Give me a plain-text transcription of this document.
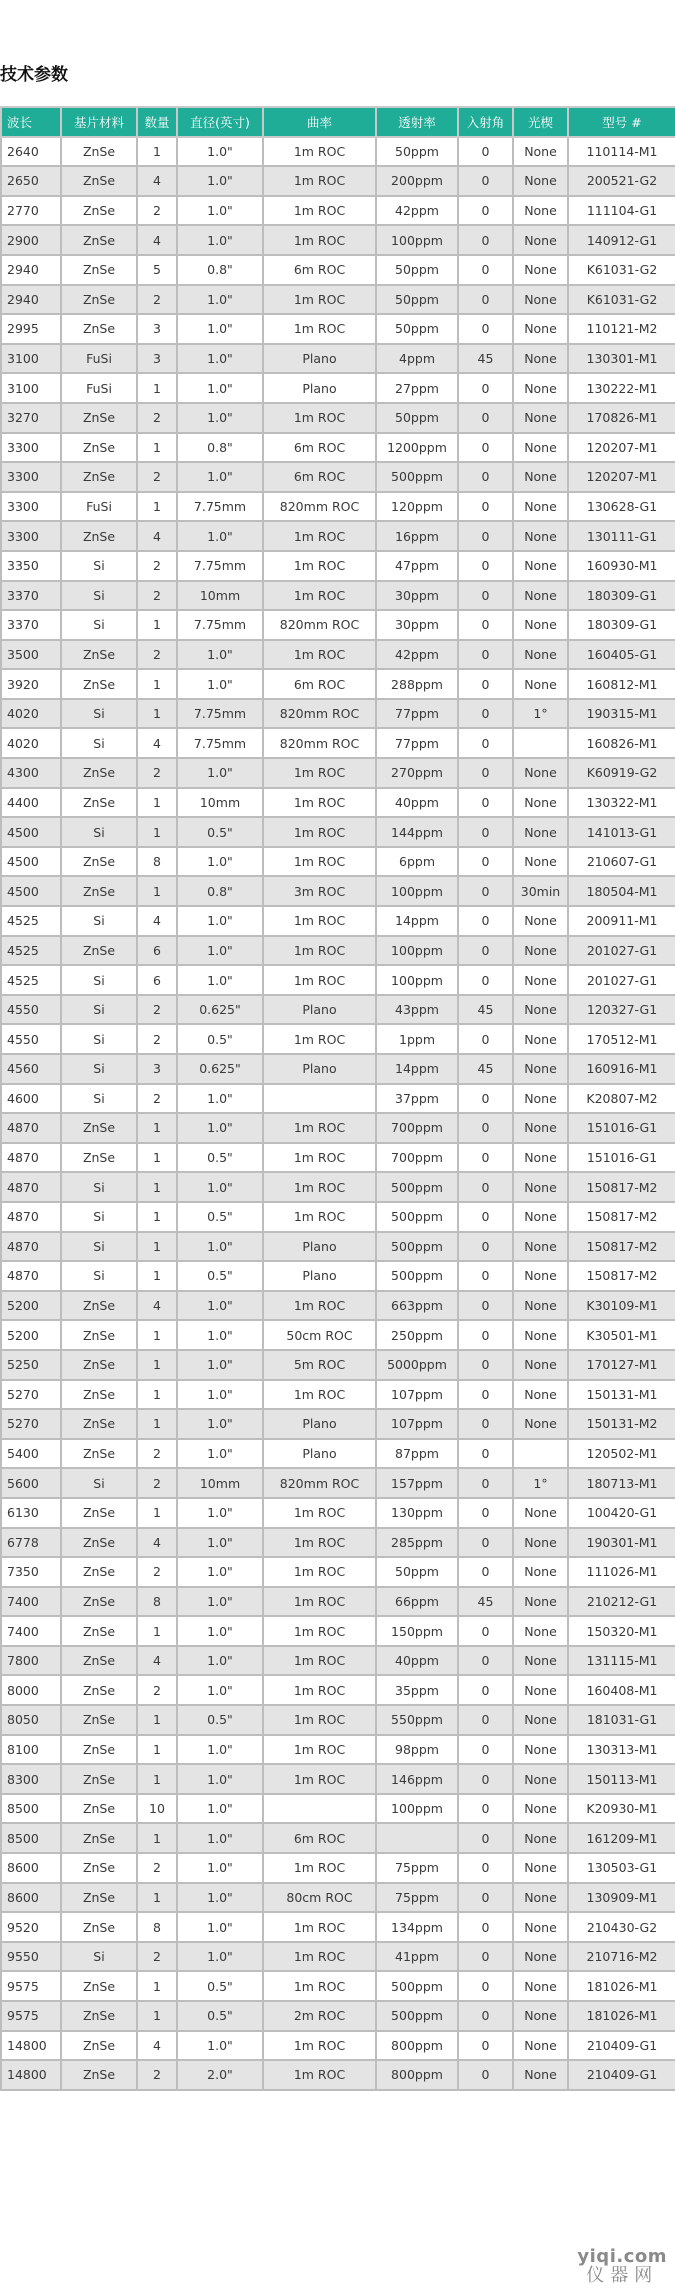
技术参数
波长	基片材料	数量	直径(英寸)	曲率	透射率	入射角	光楔	型号 #
2640	ZnSe	1	1.0"	1m ROC	50ppm	0	None	110114-M1
2650	ZnSe	4	1.0"	1m ROC	200ppm	0	None	200521-G2
2770	ZnSe	2	1.0"	1m ROC	42ppm	0	None	111104-G1
2900	ZnSe	4	1.0"	1m ROC	100ppm	0	None	140912-G1
2940	ZnSe	5	0.8"	6m ROC	50ppm	0	None	K61031-G2
2940	ZnSe	2	1.0"	1m ROC	50ppm	0	None	K61031-G2
2995	ZnSe	3	1.0"	1m ROC	50ppm	0	None	110121-M2
3100	FuSi	3	1.0"	Plano	4ppm	45	None	130301-M1
3100	FuSi	1	1.0"	Plano	27ppm	0	None	130222-M1
3270	ZnSe	2	1.0"	1m ROC	50ppm	0	None	170826-M1
3300	ZnSe	1	0.8"	6m ROC	1200ppm	0	None	120207-M1
3300	ZnSe	2	1.0"	6m ROC	500ppm	0	None	120207-M1
3300	FuSi	1	7.75mm	820mm ROC	120ppm	0	None	130628-G1
3300	ZnSe	4	1.0"	1m ROC	16ppm	0	None	130111-G1
3350	Si	2	7.75mm	1m ROC	47ppm	0	None	160930-M1
3370	Si	2	10mm	1m ROC	30ppm	0	None	180309-G1
3370	Si	1	7.75mm	820mm ROC	30ppm	0	None	180309-G1
3500	ZnSe	2	1.0"	1m ROC	42ppm	0	None	160405-G1
3920	ZnSe	1	1.0"	6m ROC	288ppm	0	None	160812-M1
4020	Si	1	7.75mm	820mm ROC	77ppm	0	1°	190315-M1
4020	Si	4	7.75mm	820mm ROC	77ppm	0		160826-M1
4300	ZnSe	2	1.0"	1m ROC	270ppm	0	None	K60919-G2
4400	ZnSe	1	10mm	1m ROC	40ppm	0	None	130322-M1
4500	Si	1	0.5"	1m ROC	144ppm	0	None	141013-G1
4500	ZnSe	8	1.0"	1m ROC	6ppm	0	None	210607-G1
4500	ZnSe	1	0.8"	3m ROC	100ppm	0	30min	180504-M1
4525	Si	4	1.0"	1m ROC	14ppm	0	None	200911-M1
4525	ZnSe	6	1.0"	1m ROC	100ppm	0	None	201027-G1
4525	Si	6	1.0"	1m ROC	100ppm	0	None	201027-G1
4550	Si	2	0.625"	Plano	43ppm	45	None	120327-G1
4550	Si	2	0.5"	1m ROC	1ppm	0	None	170512-M1
4560	Si	3	0.625"	Plano	14ppm	45	None	160916-M1
4600	Si	2	1.0"		37ppm	0	None	K20807-M2
4870	ZnSe	1	1.0"	1m ROC	700ppm	0	None	151016-G1
4870	ZnSe	1	0.5"	1m ROC	700ppm	0	None	151016-G1
4870	Si	1	1.0"	1m ROC	500ppm	0	None	150817-M2
4870	Si	1	0.5"	1m ROC	500ppm	0	None	150817-M2
4870	Si	1	1.0"	Plano	500ppm	0	None	150817-M2
4870	Si	1	0.5"	Plano	500ppm	0	None	150817-M2
5200	ZnSe	4	1.0"	1m ROC	663ppm	0	None	K30109-M1
5200	ZnSe	1	1.0"	50cm ROC	250ppm	0	None	K30501-M1
5250	ZnSe	1	1.0"	5m ROC	5000ppm	0	None	170127-M1
5270	ZnSe	1	1.0"	1m ROC	107ppm	0	None	150131-M1
5270	ZnSe	1	1.0"	Plano	107ppm	0	None	150131-M2
5400	ZnSe	2	1.0"	Plano	87ppm	0		120502-M1
5600	Si	2	10mm	820mm ROC	157ppm	0	1°	180713-M1
6130	ZnSe	1	1.0"	1m ROC	130ppm	0	None	100420-G1
6778	ZnSe	4	1.0"	1m ROC	285ppm	0	None	190301-M1
7350	ZnSe	2	1.0"	1m ROC	50ppm	0	None	111026-M1
7400	ZnSe	8	1.0"	1m ROC	66ppm	45	None	210212-G1
7400	ZnSe	1	1.0"	1m ROC	150ppm	0	None	150320-M1
7800	ZnSe	4	1.0"	1m ROC	40ppm	0	None	131115-M1
8000	ZnSe	2	1.0"	1m ROC	35ppm	0	None	160408-M1
8050	ZnSe	1	0.5"	1m ROC	550ppm	0	None	181031-G1
8100	ZnSe	1	1.0"	1m ROC	98ppm	0	None	130313-M1
8300	ZnSe	1	1.0"	1m ROC	146ppm	0	None	150113-M1
8500	ZnSe	10	1.0"		100ppm	0	None	K20930-M1
8500	ZnSe	1	1.0"	6m ROC		0	None	161209-M1
8600	ZnSe	2	1.0"	1m ROC	75ppm	0	None	130503-G1
8600	ZnSe	1	1.0"	80cm ROC	75ppm	0	None	130909-M1
9520	ZnSe	8	1.0"	1m ROC	134ppm	0	None	210430-G2
9550	Si	2	1.0"	1m ROC	41ppm	0	None	210716-M2
9575	ZnSe	1	0.5"	1m ROC	500ppm	0	None	181026-M1
9575	ZnSe	1	0.5"	2m ROC	500ppm	0	None	181026-M1
14800	ZnSe	4	1.0"	1m ROC	800ppm	0	None	210409-G1
14800	ZnSe	2	2.0"	1m ROC	800ppm	0	None	210409-G1
yiqi.com
仪器网
